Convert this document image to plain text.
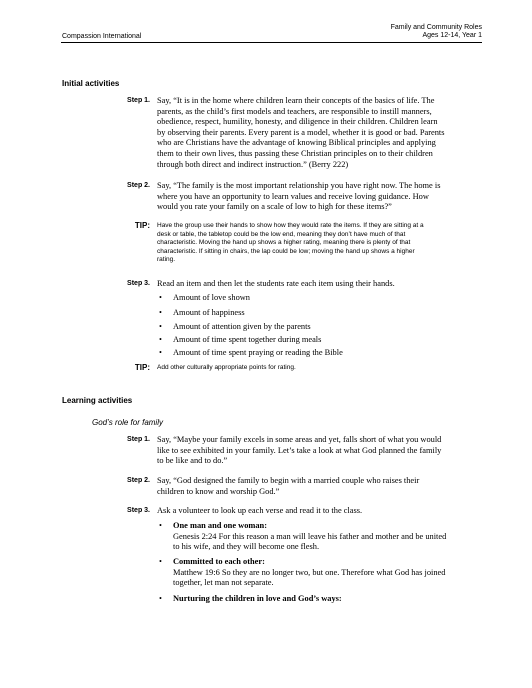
Family and Community Roles
Ages 12-14, Year 1
Compassion International
Initial activities
Step 1. Say, “It is in the home where children learn their concepts of the basics of life. The
parents, as the child’s first models and teachers, are responsible to instill manners,
obedience, respect, humility, honesty, and diligence in their children. Children learn
by observing their parents. Every parent is a model, whether it is good or bad. Parents
who are Christians have the advantage of knowing Biblical principles and applying
them to their own lives, thus passing these Christian principles on to their children
through both direct and indirect instruction.” (Berry 222)
Step 2. Say, “The family is the most important relationship you have right now. The home is
where you have an opportunity to learn values and receive loving guidance. How
would you rate your family on a scale of low to high for these items?”
TIP: Have the group use their hands to show how they would rate the items. If they are sitting at a
desk or table, the tabletop could be the low end, meaning they don’t have much of that
characteristic. Moving the hand up shows a higher rating, meaning there is plenty of that
characteristic. If sitting in chairs, the lap could be low; moving the hand up shows a higher
rating.
Step 3. Read an item and then let the students rate each item using their hands.
• Amount of love shown
• Amount of happiness
• Amount of attention given by the parents
• Amount of time spent together during meals
• Amount of time spent praying or reading the Bible
TIP: Add other culturally appropriate points for rating.
Learning activities
God’s role for family
Step 1. Say, “Maybe your family excels in some areas and yet, falls short of what you would
like to see exhibited in your family. Let’s take a look at what God planned the family
to be like and to do.”
Step 2. Say, “God designed the family to begin with a married couple who raises their
children to know and worship God.”
Step 3. Ask a volunteer to look up each verse and read it to the class.
• One man and one woman:
Genesis 2:24 For this reason a man will leave his father and mother and be united
to his wife, and they will become one flesh.
• Committed to each other:
Matthew 19:6 So they are no longer two, but one. Therefore what God has joined
together, let man not separate.
• Nurturing the children in love and God’s ways:
